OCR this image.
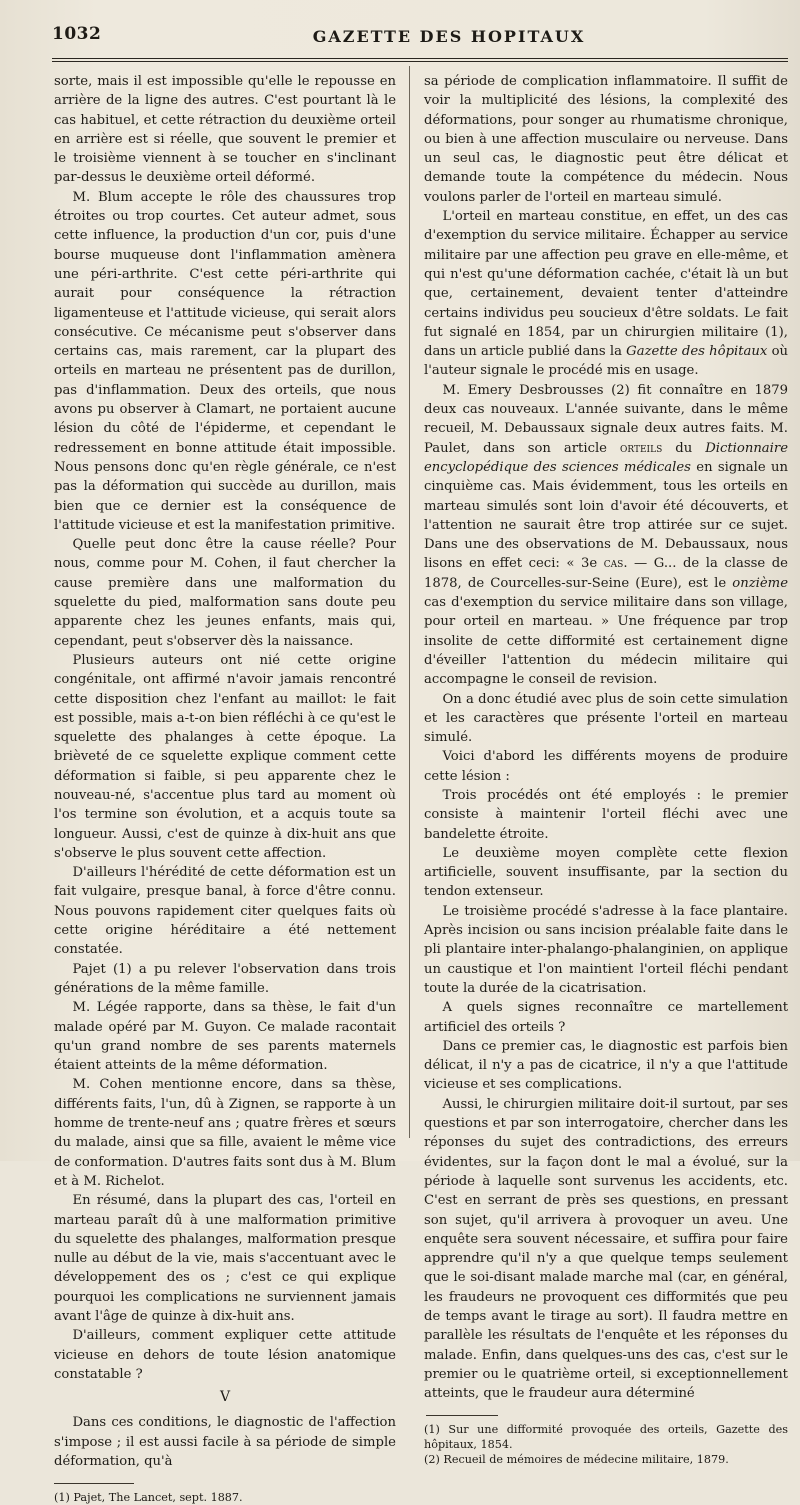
1032	GAZETTE DES HOPITAUX

sorte, mais il est impossible qu'elle le repousse en arrière de la ligne des autres. C'est pourtant là le cas habituel, et cette rétraction du deuxième orteil en arrière est si réelle, que souvent le premier et le troisième viennent à se toucher en s'inclinant par-dessus le deuxième orteil déformé.

M. Blum accepte le rôle des chaussures trop étroites ou trop courtes. Cet auteur admet, sous cette influence, la production d'un cor, puis d'une bourse muqueuse dont l'inflammation amènera une péri-arthrite. C'est cette péri-arthrite qui aurait pour conséquence la rétraction ligamenteuse et l'attitude vicieuse, qui serait alors consécutive. Ce mécanisme peut s'observer dans certains cas, mais rarement, car la plupart des orteils en marteau ne présentent pas de durillon, pas d'inflammation. Deux des orteils, que nous avons pu observer à Clamart, ne portaient aucune lésion du côté de l'épiderme, et cependant le redressement en bonne attitude était impossible. Nous pensons donc qu'en règle générale, ce n'est pas la déformation qui succède au durillon, mais bien que ce dernier est la conséquence de l'attitude vicieuse et est la manifestation primitive.

Quelle peut donc être la cause réelle? Pour nous, comme pour M. Cohen, il faut chercher la cause première dans une malformation du squelette du pied, malformation sans doute peu apparente chez les jeunes enfants, mais qui, cependant, peut s'observer dès la naissance.

Plusieurs auteurs ont nié cette origine congénitale, ont affirmé n'avoir jamais rencontré cette disposition chez l'enfant au maillot: le fait est possible, mais a-t-on bien réfléchi à ce qu'est le squelette des phalanges à cette époque. La brièveté de ce squelette explique comment cette déformation si faible, si peu apparente chez le nouveau-né, s'accentue plus tard au moment où l'os termine son évolution, et a acquis toute sa longueur. Aussi, c'est de quinze à dix-huit ans que s'observe le plus souvent cette affection.

D'ailleurs l'hérédité de cette déformation est un fait vulgaire, presque banal, à force d'être connu. Nous pouvons rapidement citer quelques faits où cette origine héréditaire a été nettement constatée.

Pajet (1) a pu relever l'observation dans trois générations de la même famille.

M. Légée rapporte, dans sa thèse, le fait d'un malade opéré par M. Guyon. Ce malade racontait qu'un grand nombre de ses parents maternels étaient atteints de la même déformation.

M. Cohen mentionne encore, dans sa thèse, différents faits, l'un, dû à Zignen, se rapporte à un homme de trente-neuf ans ; quatre frères et sœurs du malade, ainsi que sa fille, avaient le même vice de conformation. D'autres faits sont dus à M. Blum et à M. Richelot.

En résumé, dans la plupart des cas, l'orteil en marteau paraît dû à une malformation primitive du squelette des phalanges, malformation presque nulle au début de la vie, mais s'accentuant avec le développement des os ; c'est ce qui explique pourquoi les complications ne surviennent jamais avant l'âge de quinze à dix-huit ans.

D'ailleurs, comment expliquer cette attitude vicieuse en dehors de toute lésion anatomique constatable ?

V

Dans ces conditions, le diagnostic de l'affection s'impose ; il est aussi facile à sa période de simple déformation, qu'à

(1) Pajet, The Lancet, sept. 1887.

sa période de complication inflammatoire. Il suffit de voir la multiplicité des lésions, la complexité des déformations, pour songer au rhumatisme chronique, ou bien à une affection musculaire ou nerveuse. Dans un seul cas, le diagnostic peut être délicat et demande toute la compétence du médecin. Nous voulons parler de l'orteil en marteau simulé.

L'orteil en marteau constitue, en effet, un des cas d'exemption du service militaire. Échapper au service militaire par une affection peu grave en elle-même, et qui n'est qu'une déformation cachée, c'était là un but que, certainement, devaient tenter d'atteindre certains individus peu soucieux d'être soldats. Le fait fut signalé en 1854, par un chirurgien militaire (1), dans un article publié dans la Gazette des hôpitaux où l'auteur signale le procédé mis en usage.

M. Emery Desbrousses (2) fit connaître en 1879 deux cas nouveaux. L'année suivante, dans le même recueil, M. Debaussaux signale deux autres faits. M. Paulet, dans son article orteils du Dictionnaire encyclopédique des sciences médicales en signale un cinquième cas. Mais évidemment, tous les orteils en marteau simulés sont loin d'avoir été découverts, et l'attention ne saurait être trop attirée sur ce sujet. Dans une des observations de M. Debaussaux, nous lisons en effet ceci: « 3e cas. — G... de la classe de 1878, de Courcelles-sur-Seine (Eure), est le onzième cas d'exemption du service militaire dans son village, pour orteil en marteau. » Une fréquence par trop insolite de cette difformité est certainement digne d'éveiller l'attention du médecin militaire qui accompagne le conseil de revision.

On a donc étudié avec plus de soin cette simulation et les caractères que présente l'orteil en marteau simulé.

Voici d'abord les différents moyens de produire cette lésion :

Trois procédés ont été employés : le premier consiste à maintenir l'orteil fléchi avec une bandelette étroite.

Le deuxième moyen complète cette flexion artificielle, souvent insuffisante, par la section du tendon extenseur.

Le troisième procédé s'adresse à la face plantaire. Après incision ou sans incision préalable faite dans le pli plantaire inter-phalango-phalanginien, on applique un caustique et l'on maintient l'orteil fléchi pendant toute la durée de la cicatrisation.

A quels signes reconnaître ce martellement artificiel des orteils ?

Dans ce premier cas, le diagnostic est parfois bien délicat, il n'y a pas de cicatrice, il n'y a que l'attitude vicieuse et ses complications.

Aussi, le chirurgien militaire doit-il surtout, par ses questions et par son interrogatoire, chercher dans les réponses du sujet des contradictions, des erreurs évidentes, sur la façon dont le mal a évolué, sur la période à laquelle sont survenus les accidents, etc. C'est en serrant de près ses questions, en pressant son sujet, qu'il arrivera à provoquer un aveu. Une enquête sera souvent nécessaire, et suffira pour faire apprendre qu'il n'y a que quelque temps seulement que le soi-disant malade marche mal (car, en général, les fraudeurs ne provoquent ces difformités que peu de temps avant le tirage au sort). Il faudra mettre en parallèle les résultats de l'enquête et les réponses du malade. Enfin, dans quelques-uns des cas, c'est sur le premier ou le quatrième orteil, si exceptionnellement atteints, que le fraudeur aura déterminé

(1) Sur une difformité provoquée des orteils, Gazette des hôpitaux, 1854.

(2) Recueil de mémoires de médecine militaire, 1879.
